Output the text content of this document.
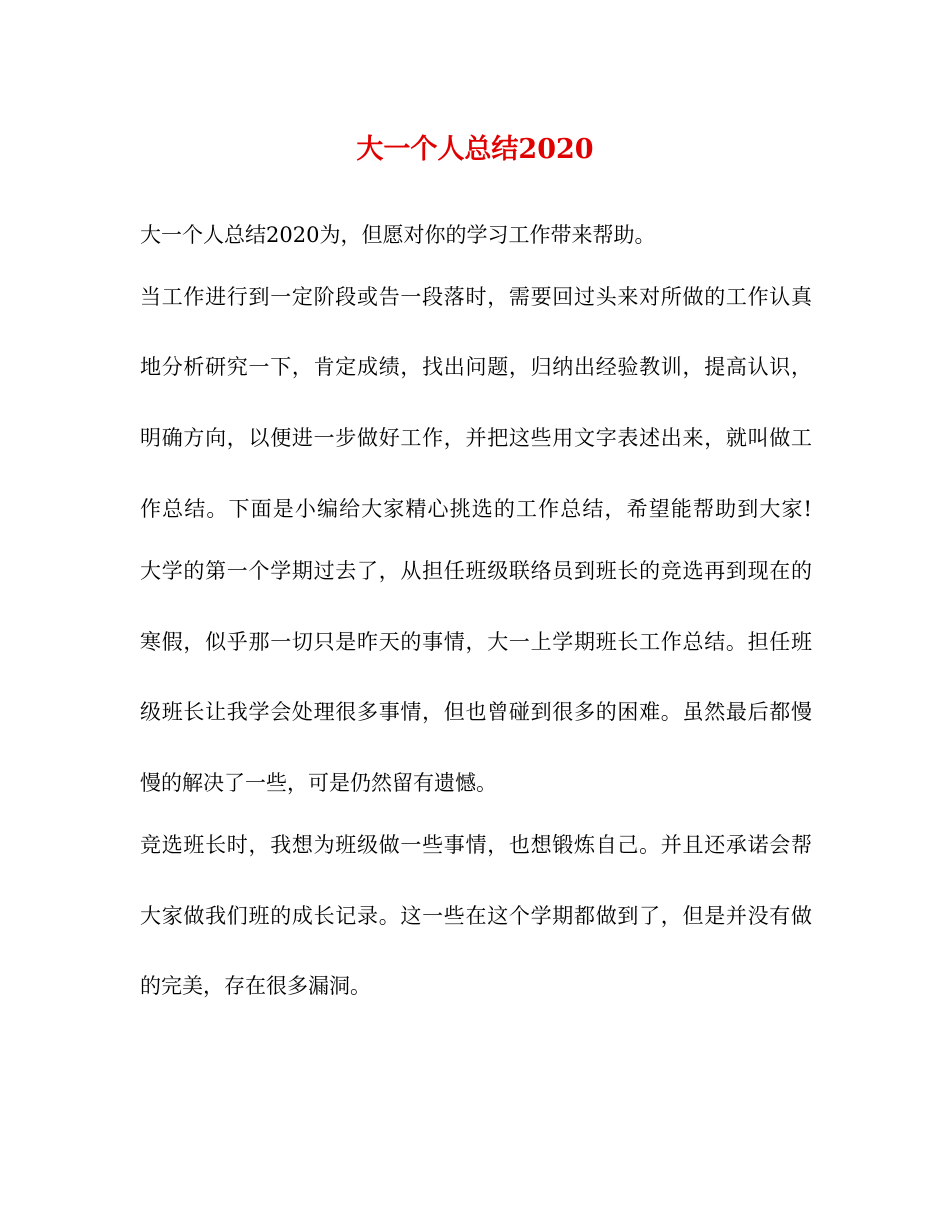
大一个人总结2020

大一个人总结2020为，但愿对你的学习工作带来帮助。

当工作进行到一定阶段或告一段落时，需要回过头来对所做的工作认真

地分析研究一下，肯定成绩，找出问题，归纳出经验教训，提高认识，

明确方向，以便进一步做好工作，并把这些用文字表述出来，就叫做工

作总结。下面是小编给大家精心挑选的工作总结，希望能帮助到大家!

大学的第一个学期过去了，从担任班级联络员到班长的竞选再到现在的

寒假，似乎那一切只是昨天的事情，大一上学期班长工作总结。担任班

级班长让我学会处理很多事情，但也曾碰到很多的困难。虽然最后都慢

慢的解决了一些，可是仍然留有遗憾。

竞选班长时，我想为班级做一些事情，也想锻炼自己。并且还承诺会帮

大家做我们班的成长记录。这一些在这个学期都做到了，但是并没有做

的完美，存在很多漏洞。
